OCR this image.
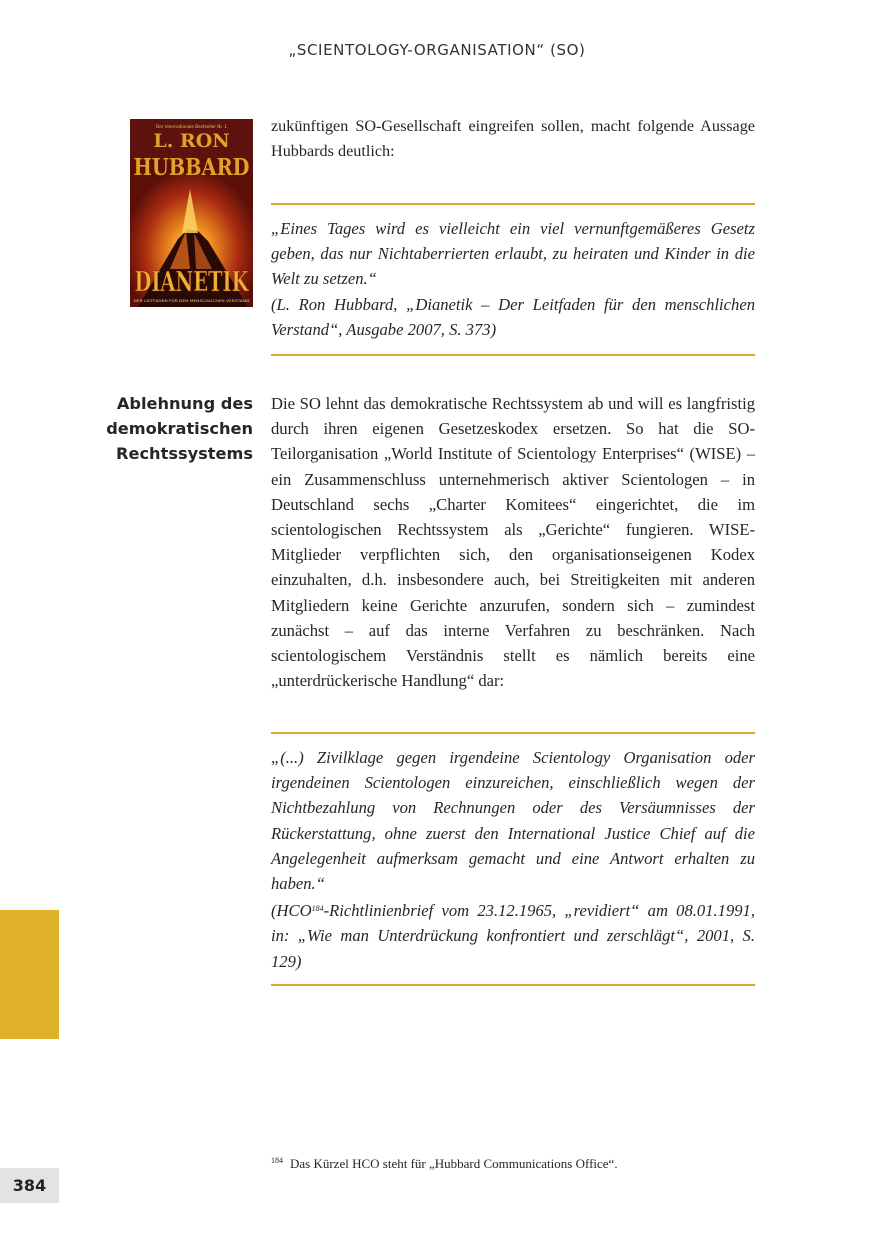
„SCIENTOLOGY-ORGANISATION“ (SO)
Der internationale Bestseller Nr. 1
L. RON
HUBBARD
DIANETIK
DER LEITFADEN FÜR DEN MENSCHLICHEN VERSTAND

zukünftigen SO-Gesellschaft eingreifen sollen, macht folgende Aussage Hubbards deutlich:

„Eines Tages wird es vielleicht ein viel vernunftgemäßeres Gesetz geben, das nur Nichtaberrierten erlaubt, zu heiraten und Kinder in die Welt zu setzen.“

(L. Ron Hubbard, „Dianetik – Der Leitfaden für den menschlichen Verstand“, Ausgabe 2007, S. 373)

Ablehnung des
demokratischen
Rechtssystems

Die SO lehnt das demokratische Rechtssystem ab und will es langfristig durch ihren eigenen Gesetzeskodex ersetzen. So hat die SO-Teilorganisation „World Institute of Scientology Enterprises“ (WISE) – ein Zusammenschluss unternehmerisch aktiver Scientologen – in Deutschland sechs „Charter Komitees“ eingerichtet, die im scientologischen Rechtssystem als „Gerichte“ fungieren. WISE-Mitglieder verpflichten sich, den organisationseigenen Kodex einzuhalten, d.h. insbesondere auch, bei Streitigkeiten mit anderen Mitgliedern keine Gerichte anzurufen, sondern sich – zumindest zunächst – auf das interne Verfahren zu beschränken. Nach scientologischem Verständnis stellt es nämlich bereits eine „unterdrückerische Handlung“ dar:

„(...) Zivilklage gegen irgendeine Scientology Organisation oder irgendeinen Scientologen einzureichen, einschließlich wegen der Nichtbezahlung von Rechnungen oder des Versäumnisses der Rückerstattung, ohne zuerst den International Justice Chief auf die Angelegenheit aufmerksam gemacht und eine Antwort erhalten zu haben.“

(HCO$^{184}$-Richtlinienbrief vom 23.12.1965, „revidiert“ am 08.01.1991, in: „Wie man Unterdrückung konfrontiert und zerschlägt“, 2001, S. 129)

$^{184}$ Das Kürzel HCO steht für „Hubbard Communications Office“.
384
